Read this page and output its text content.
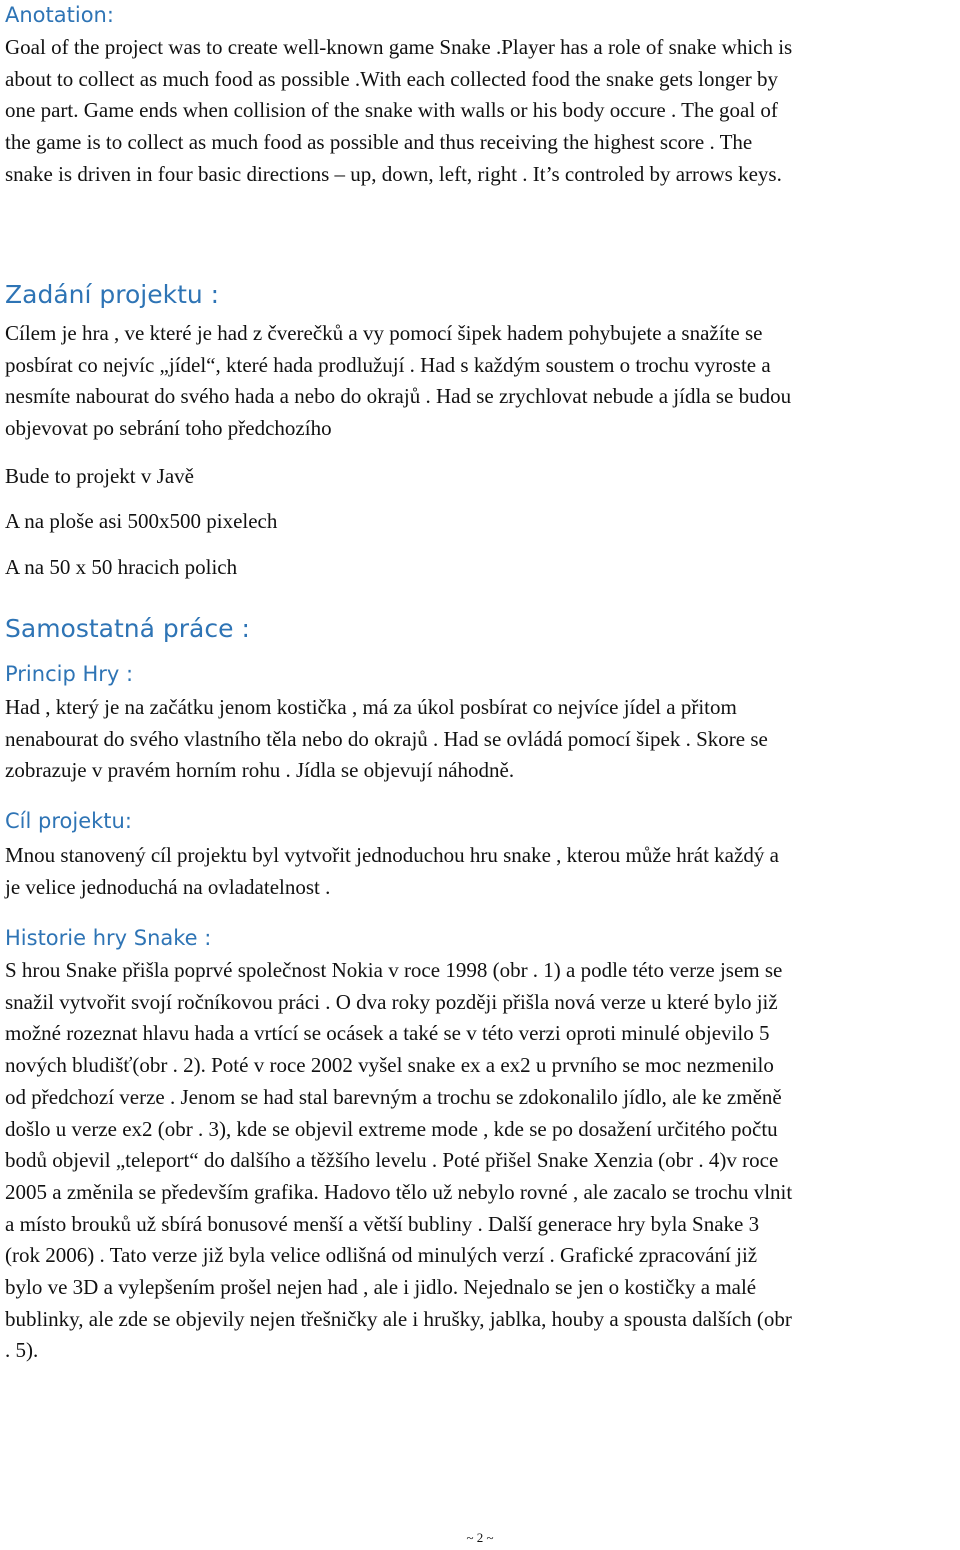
Anotation:
Goal of the project was to create well-known game Snake .Player has a role of snake which is
about to collect as much food as possible .With each collected food the snake gets longer by
one part. Game ends when collision of the snake with walls or his body occure . The goal of
the game is to collect as much food as possible and thus receiving the highest score . The
snake is driven in four basic directions – up, down, left, right . It’s controled by arrows keys.
Zadání projektu :
Cílem je hra , ve které je had z čverečků a vy pomocí šipek hadem pohybujete a snažíte se
posbírat co nejvíc „jídel“, které hada prodlužují . Had s každým soustem o trochu vyroste a
nesmíte nabourat do svého hada a nebo do okrajů . Had se zrychlovat nebude a jídla se budou
objevovat po sebrání toho předchozího

Bude to projekt v Javě

A na ploše asi 500x500 pixelech

A na 50 x 50 hracich polich

Samostatná práce :
Princip Hry :
Had , který je na začátku jenom kostička , má za úkol posbírat co nejvíce jídel a přitom
nenabourat do svého vlastního těla nebo do okrajů . Had se ovládá pomocí šipek . Skore se
zobrazuje v pravém horním rohu . Jídla se objevují náhodně.
Cíl projektu:
Mnou stanovený cíl projektu byl vytvořit jednoduchou hru snake , kterou může hrát každý a
je velice jednoduchá na ovladatelnost .
Historie hry Snake :
S hrou Snake přišla poprvé společnost Nokia v roce 1998 (obr . 1) a podle této verze jsem se
snažil vytvořit svojí ročníkovou práci . O dva roky později přišla nová verze u které bylo již
možné rozeznat hlavu hada a vrtící se ocásek a také se v této verzi oproti minulé objevilo 5
nových bludišť(obr . 2). Poté v roce 2002 vyšel snake ex a ex2 u prvního se moc nezmenilo
od předchozí verze . Jenom se had stal barevným a trochu se zdokonalilo jídlo, ale ke změně
došlo u verze ex2 (obr . 3), kde se objevil extreme mode , kde se po dosažení určitého počtu
bodů objevil „teleport“ do dalšího a těžšího levelu . Poté přišel Snake Xenzia (obr . 4)v roce
2005 a změnila se především grafika. Hadovo tělo už nebylo rovné , ale zacalo se trochu vlnit
a místo brouků už sbírá bonusové menší a větší bubliny . Další generace hry byla Snake 3
(rok 2006) . Tato verze již byla velice odlišná od minulých verzí . Grafické zpracování již
bylo ve 3D a vylepšením prošel nejen had , ale i jidlo. Nejednalo se jen o kostičky a malé
bublinky, ale zde se objevily nejen třešničky ale i hrušky, jablka, houby a spousta dalších (obr
. 5).
~ 2 ~
